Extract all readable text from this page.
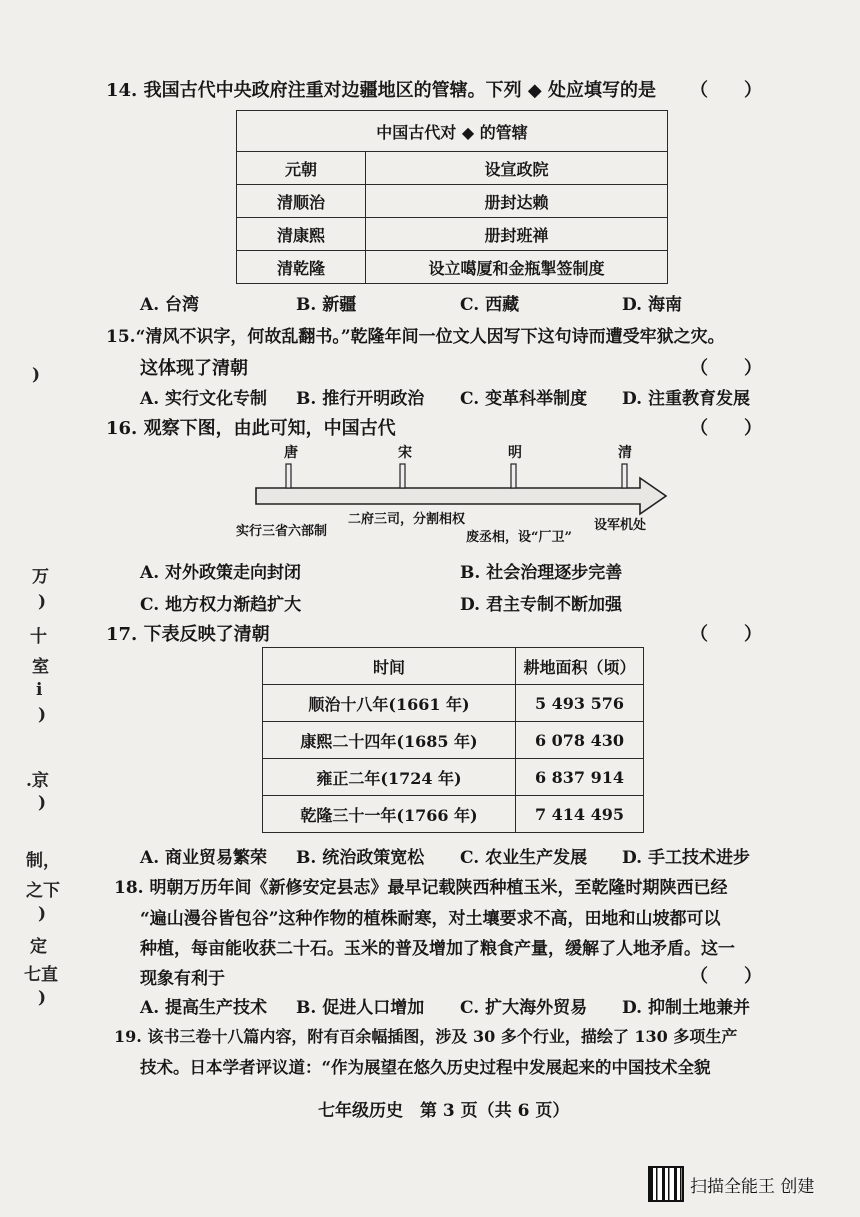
)
万
)
十
室
i
)
.京
)
制，
之下
)
定
七直
)
14. 我国古代中央政府注重对边疆地区的管辖。下列 ◆ 处应填写的是 （　　）
中国古代对 ◆ 的管辖	
元朝	设宣政院
清顺治	册封达赖
清康熙	册封班禅
清乾隆	设立噶厦和金瓶掣签制度
A. 台湾	B. 新疆	C. 西藏	D. 海南
15.“清风不识字，何故乱翻书。”乾隆年间一位文人因写下这句诗而遭受牢狱之灾。
这体现了清朝	（　　）
A. 实行文化专制 B. 推行开明政治 C. 变革科举制度 D. 注重教育发展
16. 观察下图，由此可知，中国古代	（　　）
唐	宋	明	清
实行三省六部制
二府三司，分割相权
废丞相，设“厂卫”
设军机处
A. 对外政策走向封闭	B. 社会治理逐步完善
C. 地方权力渐趋扩大	D. 君主专制不断加强
17. 下表反映了清朝	（　　）
时间	耕地面积（顷）
顺治十八年(1661 年)	5 493 576
康熙二十四年(1685 年)	6 078 430
雍正二年(1724 年)	6 837 914
乾隆三十一年(1766 年)	7 414 495
A. 商业贸易繁荣 B. 统治政策宽松 C. 农业生产发展 D. 手工技术进步
18. 明朝万历年间《新修安定县志》最早记载陕西种植玉米，至乾隆时期陕西已经
“遍山漫谷皆包谷”这种作物的植株耐寒，对土壤要求不高，田地和山坡都可以
种植，每亩能收获二十石。玉米的普及增加了粮食产量，缓解了人地矛盾。这一
现象有利于	（　　）
A. 提高生产技术 B. 促进人口增加 C. 扩大海外贸易 D. 抑制土地兼并
19. 该书三卷十八篇内容，附有百余幅插图，涉及 30 多个行业，描绘了 130 多项生产
技术。日本学者评议道：“作为展望在悠久历史过程中发展起来的中国技术全貌
七年级历史　第 3 页（共 6 页）
扫描全能王 创建
